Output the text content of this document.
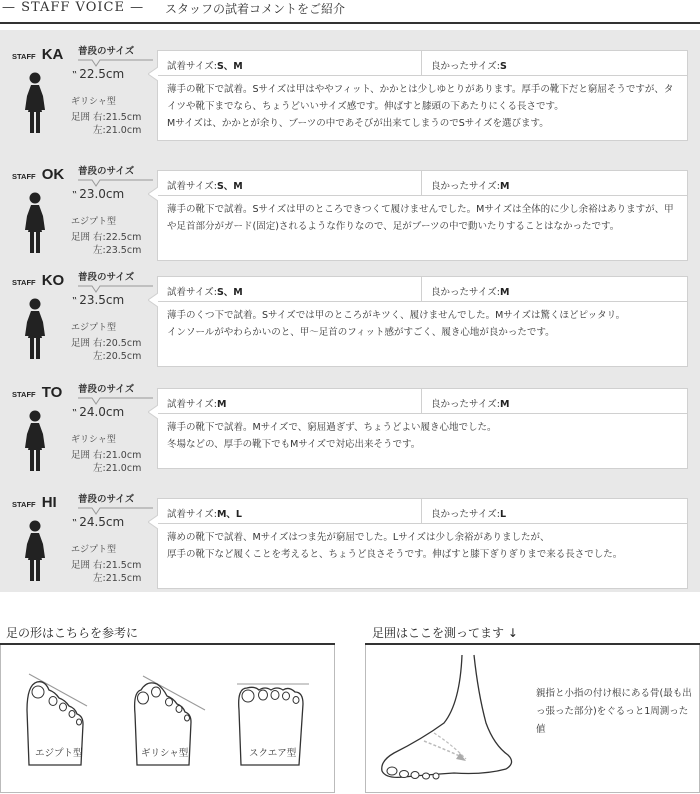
— STAFF VOICE — スタッフの試着コメントをご紹介
STAFF KA 普段のサイズ
‟ 22.5cm
ギリシャ型
足囲 右:21.5cm
左:21.0cm
試着サイズ:S、M	良かったサイズ:S
薄手の靴下で試着。Sサイズは甲はややフィット、かかとは少しゆとりがあります。厚手の靴下だと窮屈そうですが、タイツや靴下までなら、ちょうどいいサイズ感です。伸ばすと膝頭の下あたりにくる長さです。
Mサイズは、かかとが余り、ブーツの中であそびが出来てしまうのでSサイズを選びます。
STAFF OK 普段のサイズ
‟ 23.0cm
エジプト型
足囲 右:22.5cm
左:23.5cm
試着サイズ:S、M	良かったサイズ:M
薄手の靴下で試着。Sサイズは甲のところできつくて履けませんでした。Mサイズは全体的に少し余裕はありますが、甲や足首部分がガード(固定)されるような作りなので、足がブーツの中で動いたりすることはなかったです。
STAFF KO 普段のサイズ
‟ 23.5cm
エジプト型
足囲 右:20.5cm
左:20.5cm
試着サイズ:S、M	良かったサイズ:M
薄手のくつ下で試着。Sサイズでは甲のところがキツく、履けませんでした。Mサイズは驚くほどピッタリ。
インソールがやわらかいのと、甲〜足首のフィット感がすごく、履き心地が良かったです。
STAFF TO 普段のサイズ
‟ 24.0cm
ギリシャ型
足囲 右:21.0cm
左:21.0cm
試着サイズ:M	良かったサイズ:M
薄手の靴下で試着。Mサイズで、窮屈過ぎず、ちょうどよい履き心地でした。
冬場などの、厚手の靴下でもMサイズで対応出来そうです。
STAFF HI 普段のサイズ
‟ 24.5cm
エジプト型
足囲 右:21.5cm
左:21.5cm
試着サイズ:M、L	良かったサイズ:L
薄めの靴下で試着、Mサイズはつま先が窮屈でした。Lサイズは少し余裕がありましたが、
厚手の靴下など履くことを考えると、ちょうど良さそうです。伸ばすと膝下ぎりぎりまで来る長さでした。
足の形はこちらを参考に
エジプト型	ギリシャ型	スクエア型
足囲はここを測ってます ↓
親指と小指の付け根にある骨(最も出っ張った部分)をぐるっと1周測った値
